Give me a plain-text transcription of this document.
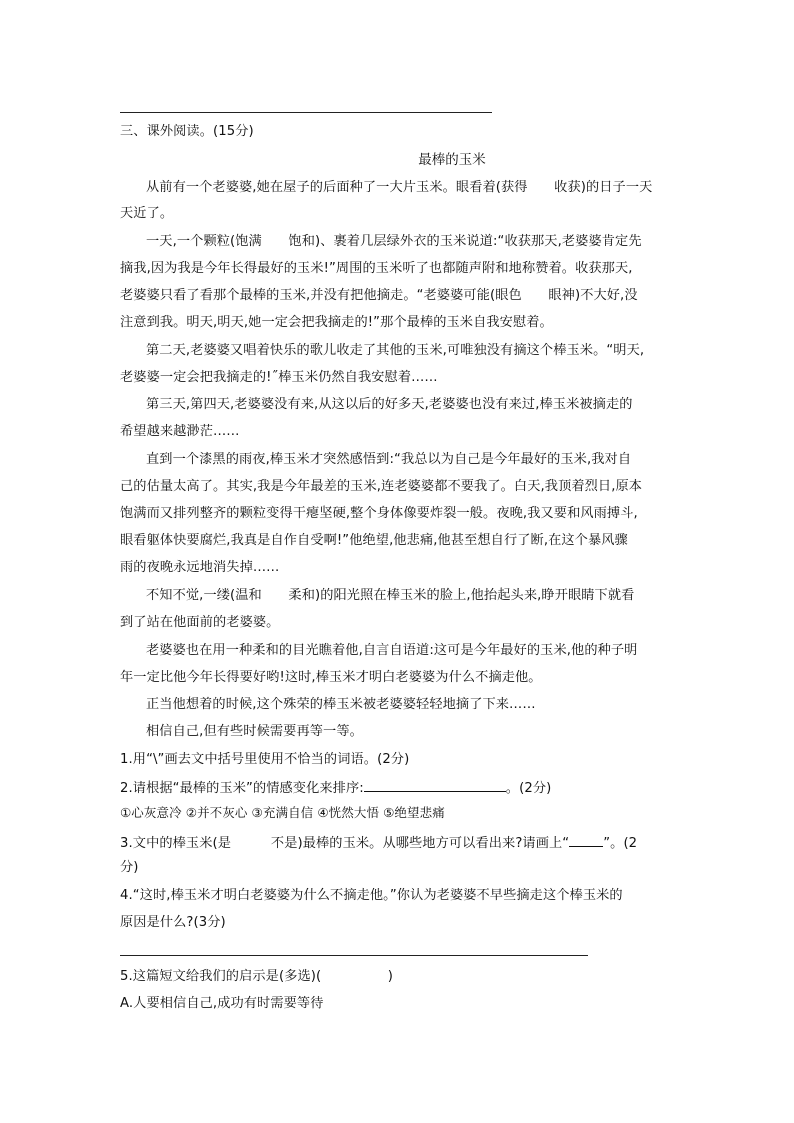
三、课外阅读。(15分)
最棒的玉米
从前有一个老婆婆,她在屋子的后面种了一大片玉米。眼看着(获得　　收获)的日子一天
天近了。
一天,一个颗粒(饱满　　饱和)、裹着几层绿外衣的玉米说道:“收获那天,老婆婆肯定先
摘我,因为我是今年长得最好的玉米!”周围的玉米听了也都随声附和地称赞着。收获那天,
老婆婆只看了看那个最棒的玉米,并没有把他摘走。“老婆婆可能(眼色　　眼神)不大好,没
注意到我。明天,明天,她一定会把我摘走的!”那个最棒的玉米自我安慰着。
第二天,老婆婆又唱着快乐的歌儿收走了其他的玉米,可唯独没有摘这个棒玉米。“明天,
老婆婆一定会把我摘走的!˝棒玉米仍然自我安慰着……
第三天,第四天,老婆婆没有来,从这以后的好多天,老婆婆也没有来过,棒玉米被摘走的
希望越来越渺茫……
直到一个漆黑的雨夜,棒玉米才突然感悟到:“我总以为自己是今年最好的玉米,我对自
己的估量太高了。其实,我是今年最差的玉米,连老婆婆都不要我了。白天,我顶着烈日,原本
饱满而又排列整齐的颗粒变得干瘪坚硬,整个身体像要炸裂一般。夜晚,我又要和风雨搏斗,
眼看躯体快要腐烂,我真是自作自受啊!”他绝望,他悲痛,他甚至想自行了断,在这个暴风骤
雨的夜晚永远地消失掉……
不知不觉,一缕(温和　　柔和)的阳光照在棒玉米的脸上,他抬起头来,睁开眼睛下就看
到了站在他面前的老婆婆。
老婆婆也在用一种柔和的目光瞧着他,自言自语道:这可是今年最好的玉米,他的种子明
年一定比他今年长得要好哟!这时,棒玉米才明白老婆婆为什么不摘走他。
正当他想着的时候,这个殊荣的棒玉米被老婆婆轻轻地摘了下来……
相信自己,但有些时候需要再等一等。
1.用“\”画去文中括号里使用不恰当的词语。(2分)
2.请根据“最棒的玉米”的情感变化来排序:	。(2分)
①心灰意冷 ②并不灰心 ③充满自信 ④恍然大悟 ⑤绝望悲痛
3.文中的棒玉米(是　　　不是)最棒的玉米。从哪些地方可以看出来?请画上“	”。(2
分)
4.“这时,棒玉米才明白老婆婆为什么不摘走他。”你认为老婆婆不早些摘走这个棒玉米的
原因是什么?(3分)
5.这篇短文给我们的启示是(多选)(　　　　　)
A.人要相信自己,成功有时需要等待
